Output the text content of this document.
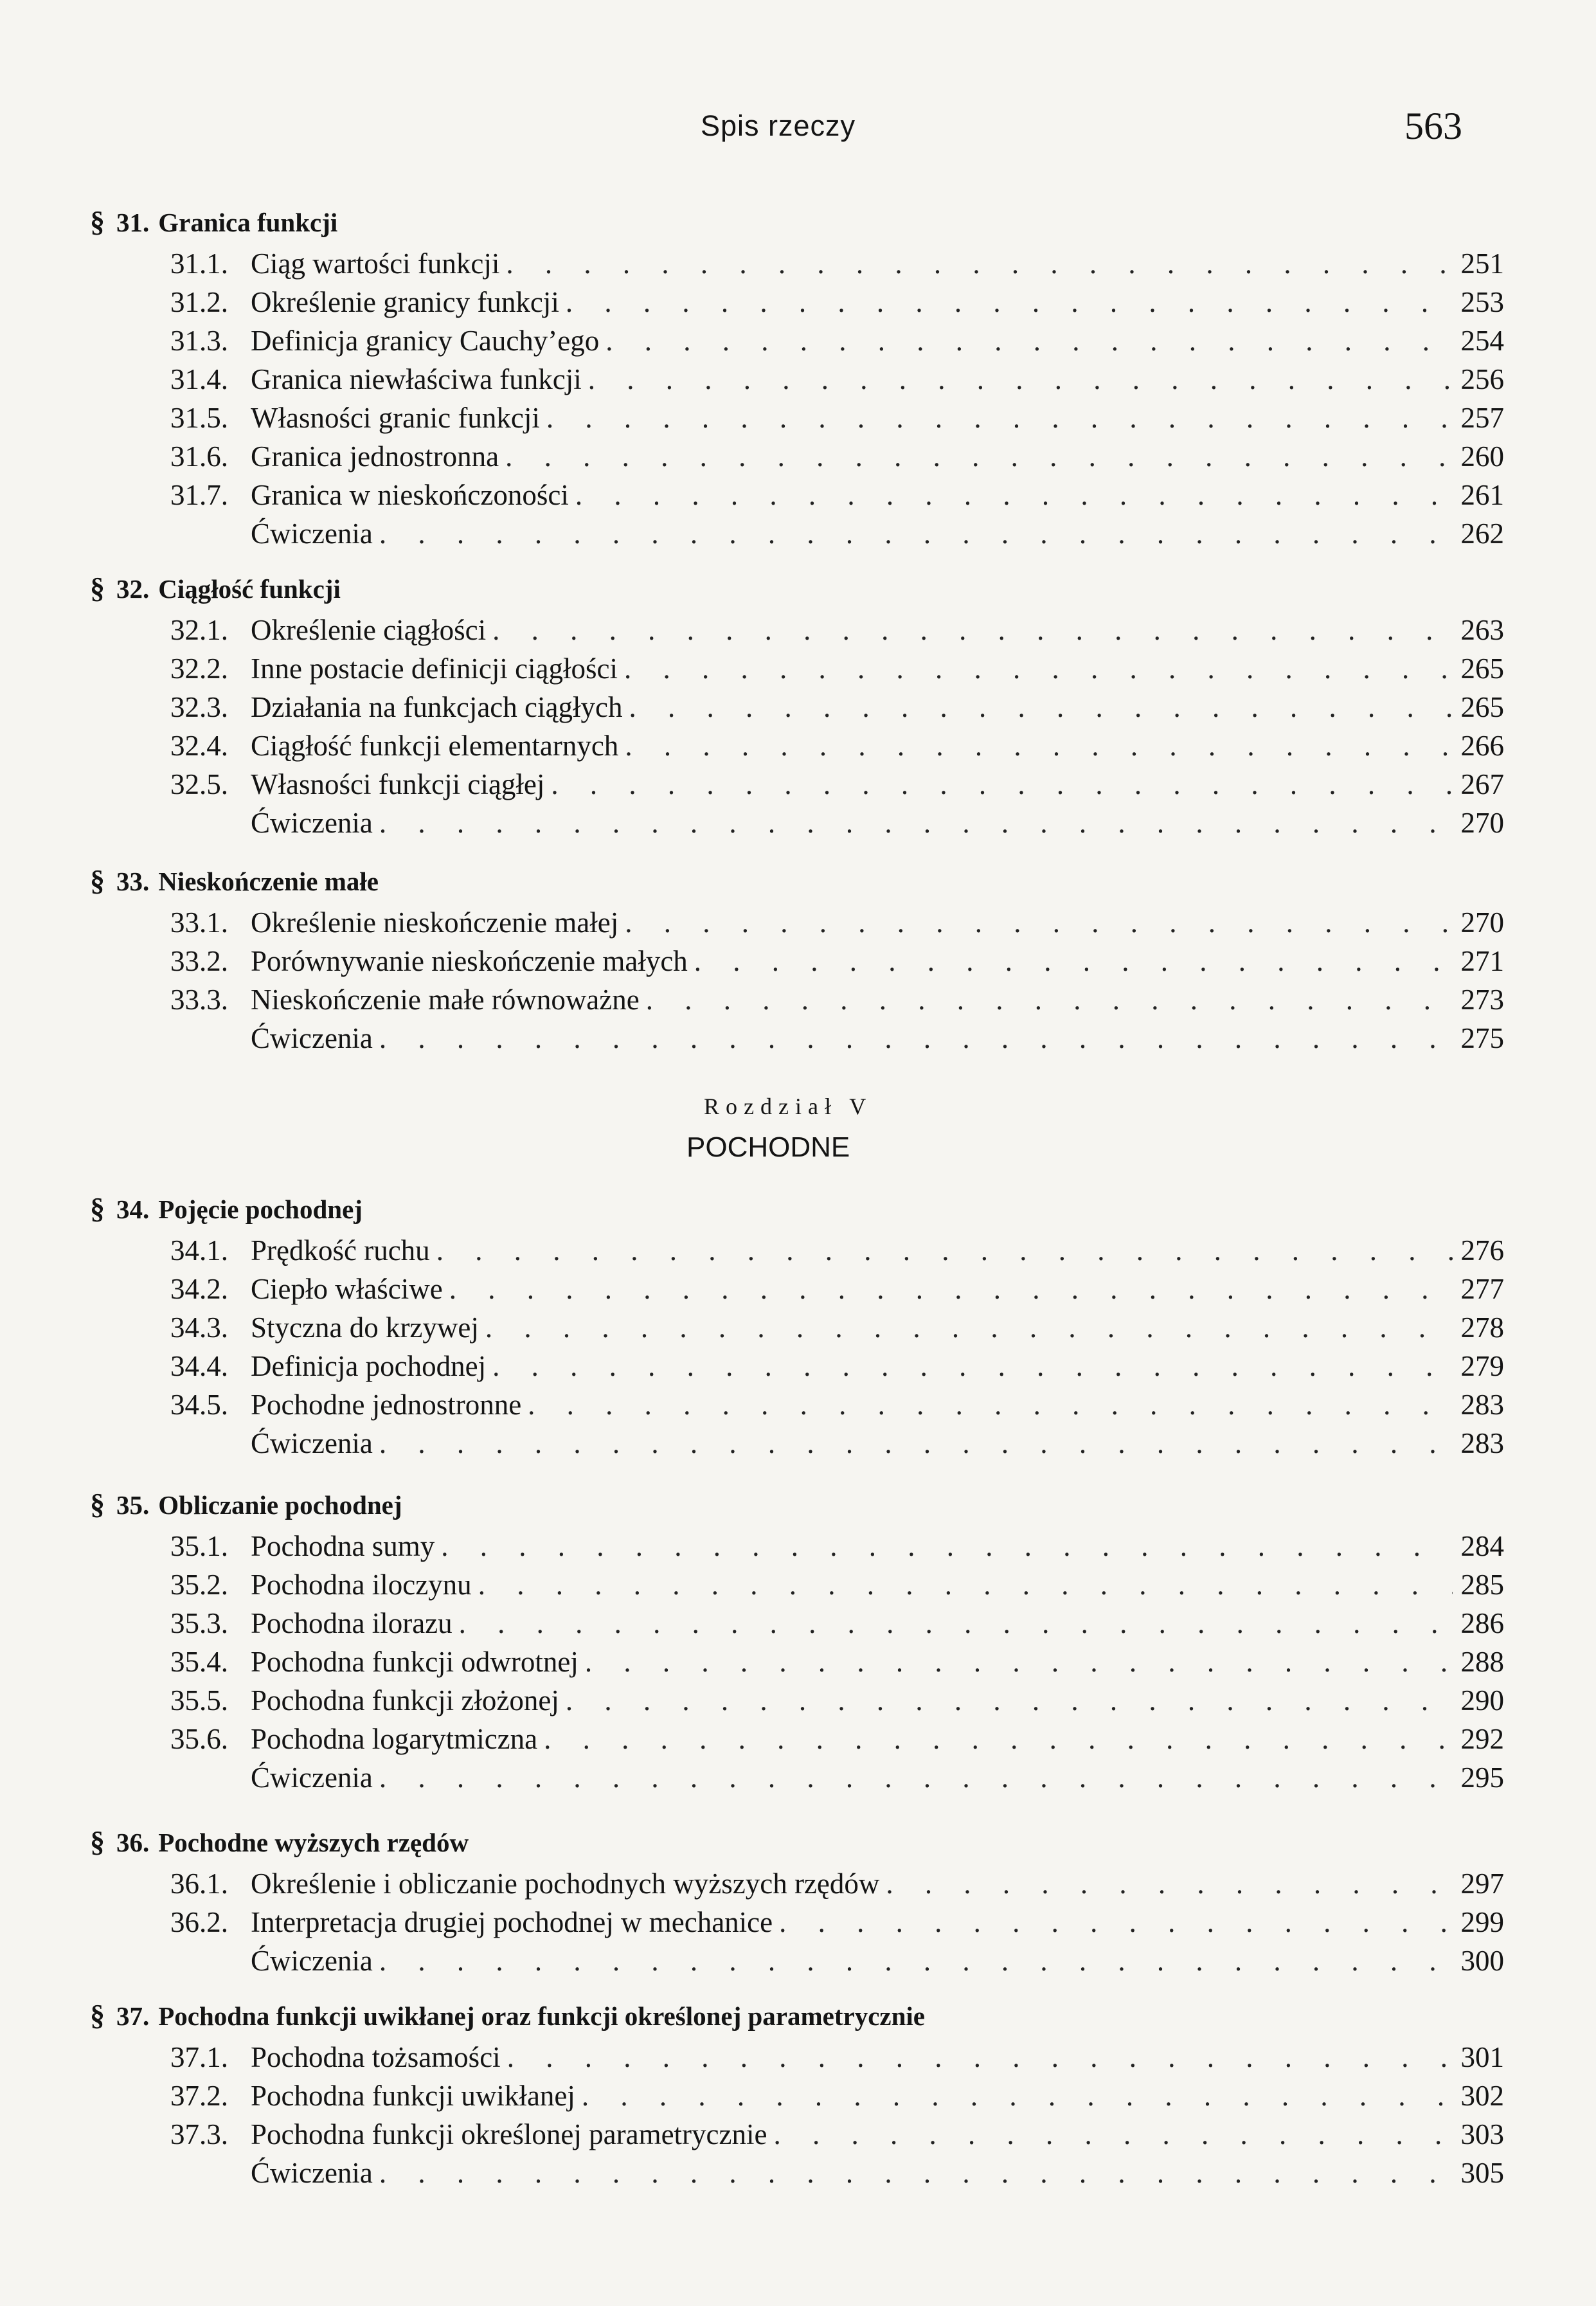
Spis rzeczy	563
Rozdział V
POCHODNE
§ 31. Granica funkcji
31.1. Ciąg wartości funkcji . . .	251
31.2. Określenie granicy funkcji . . .	253
31.3. Definicja granicy Cauchy’ego . . .	254
31.4. Granica niewłaściwa funkcji . . .	256
31.5. Własności granic funkcji . . .	257
31.6. Granica jednostronna . . .	260
31.7. Granica w nieskończoności . . .	261
Ćwiczenia . . .	262
§ 32. Ciągłość funkcji
32.1. Określenie ciągłości . . .	263
32.2. Inne postacie definicji ciągłości . . .	265
32.3. Działania na funkcjach ciągłych . . .	265
32.4. Ciągłość funkcji elementarnych . . .	266
32.5. Własności funkcji ciągłej . . .	267
Ćwiczenia . . .	270
§ 33. Nieskończenie małe
33.1. Określenie nieskończenie małej . . .	270
33.2. Porównywanie nieskończenie małych . . .	271
33.3. Nieskończenie małe równoważne . . .	273
Ćwiczenia . . .	275
§ 34. Pojęcie pochodnej
34.1. Prędkość ruchu . . .	276
34.2. Ciepło właściwe . . .	277
34.3. Styczna do krzywej . . .	278
34.4. Definicja pochodnej . . .	279
34.5. Pochodne jednostronne . . .	283
Ćwiczenia . . .	283
§ 35. Obliczanie pochodnej
35.1. Pochodna sumy . . .	284
35.2. Pochodna iloczynu . . .	285
35.3. Pochodna ilorazu . . .	286
35.4. Pochodna funkcji odwrotnej . . .	288
35.5. Pochodna funkcji złożonej . . .	290
35.6. Pochodna logarytmiczna . . .	292
Ćwiczenia . . .	295
§ 36. Pochodne wyższych rzędów
36.1. Określenie i obliczanie pochodnych wyższych rzędów . . .	297
36.2. Interpretacja drugiej pochodnej w mechanice . . .	299
Ćwiczenia . . .	300
§ 37. Pochodna funkcji uwikłanej oraz funkcji określonej parametrycznie
37.1. Pochodna tożsamości . . .	301
37.2. Pochodna funkcji uwikłanej . . .	302
37.3. Pochodna funkcji określonej parametrycznie . . .	303
Ćwiczenia . . .	305
